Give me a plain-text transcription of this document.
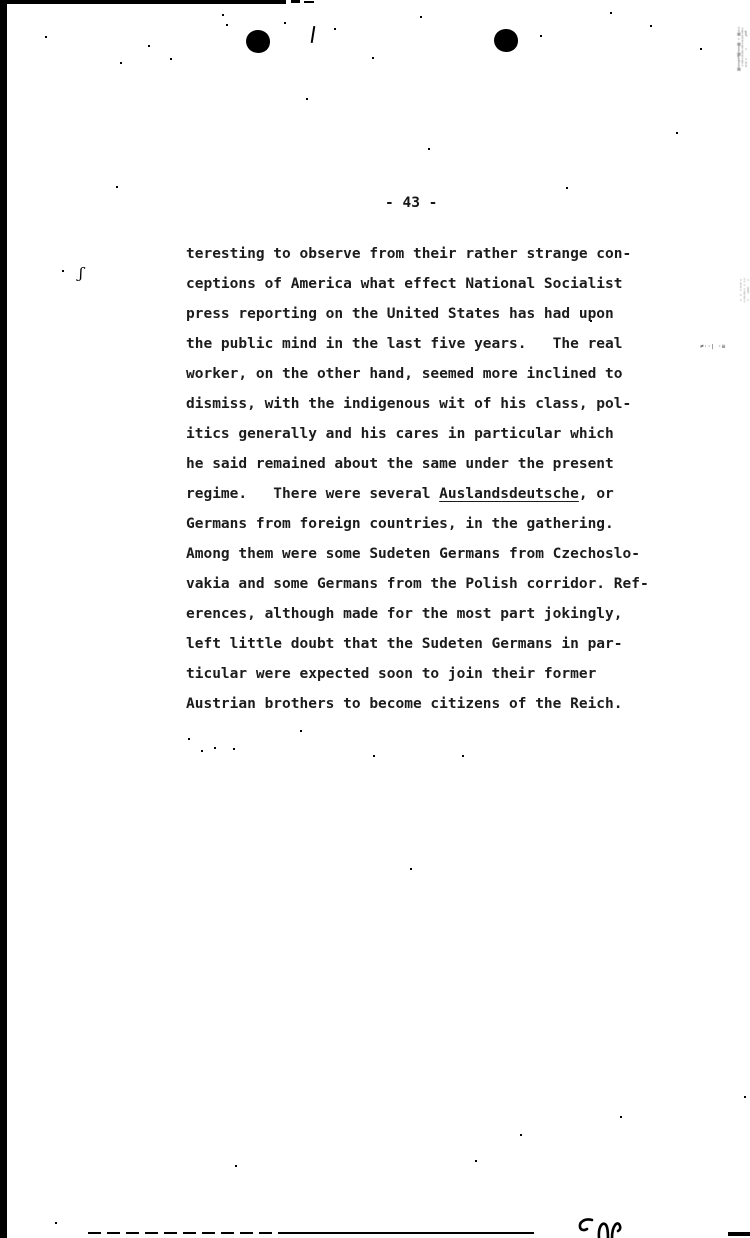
ʃ
¦;≡:l·¦≡;|:·≡¦l;·|:¦≡
·:·¦··:|·¦·:·
≠··| ·≡
- 43 -
teresting to observe from their rather strange con-
ceptions of America what effect National Socialist
press reporting on the United States has had upon
the public mind in the last five years.   The real
worker, on the other hand, seemed more inclined to
dismiss, with the indigenous wit of his class, pol-
itics generally and his cares in particular which
he said remained about the same under the present
regime.   There were several Auslandsdeutsche, or
Germans from foreign countries, in the gathering.
Among them were some Sudeten Germans from Czechoslo-
vakia and some Germans from the Polish corridor. Ref-
erences, although made for the most part jokingly,
left little doubt that the Sudeten Germans in par-
ticular were expected soon to join their former
Austrian brothers to become citizens of the Reich.
